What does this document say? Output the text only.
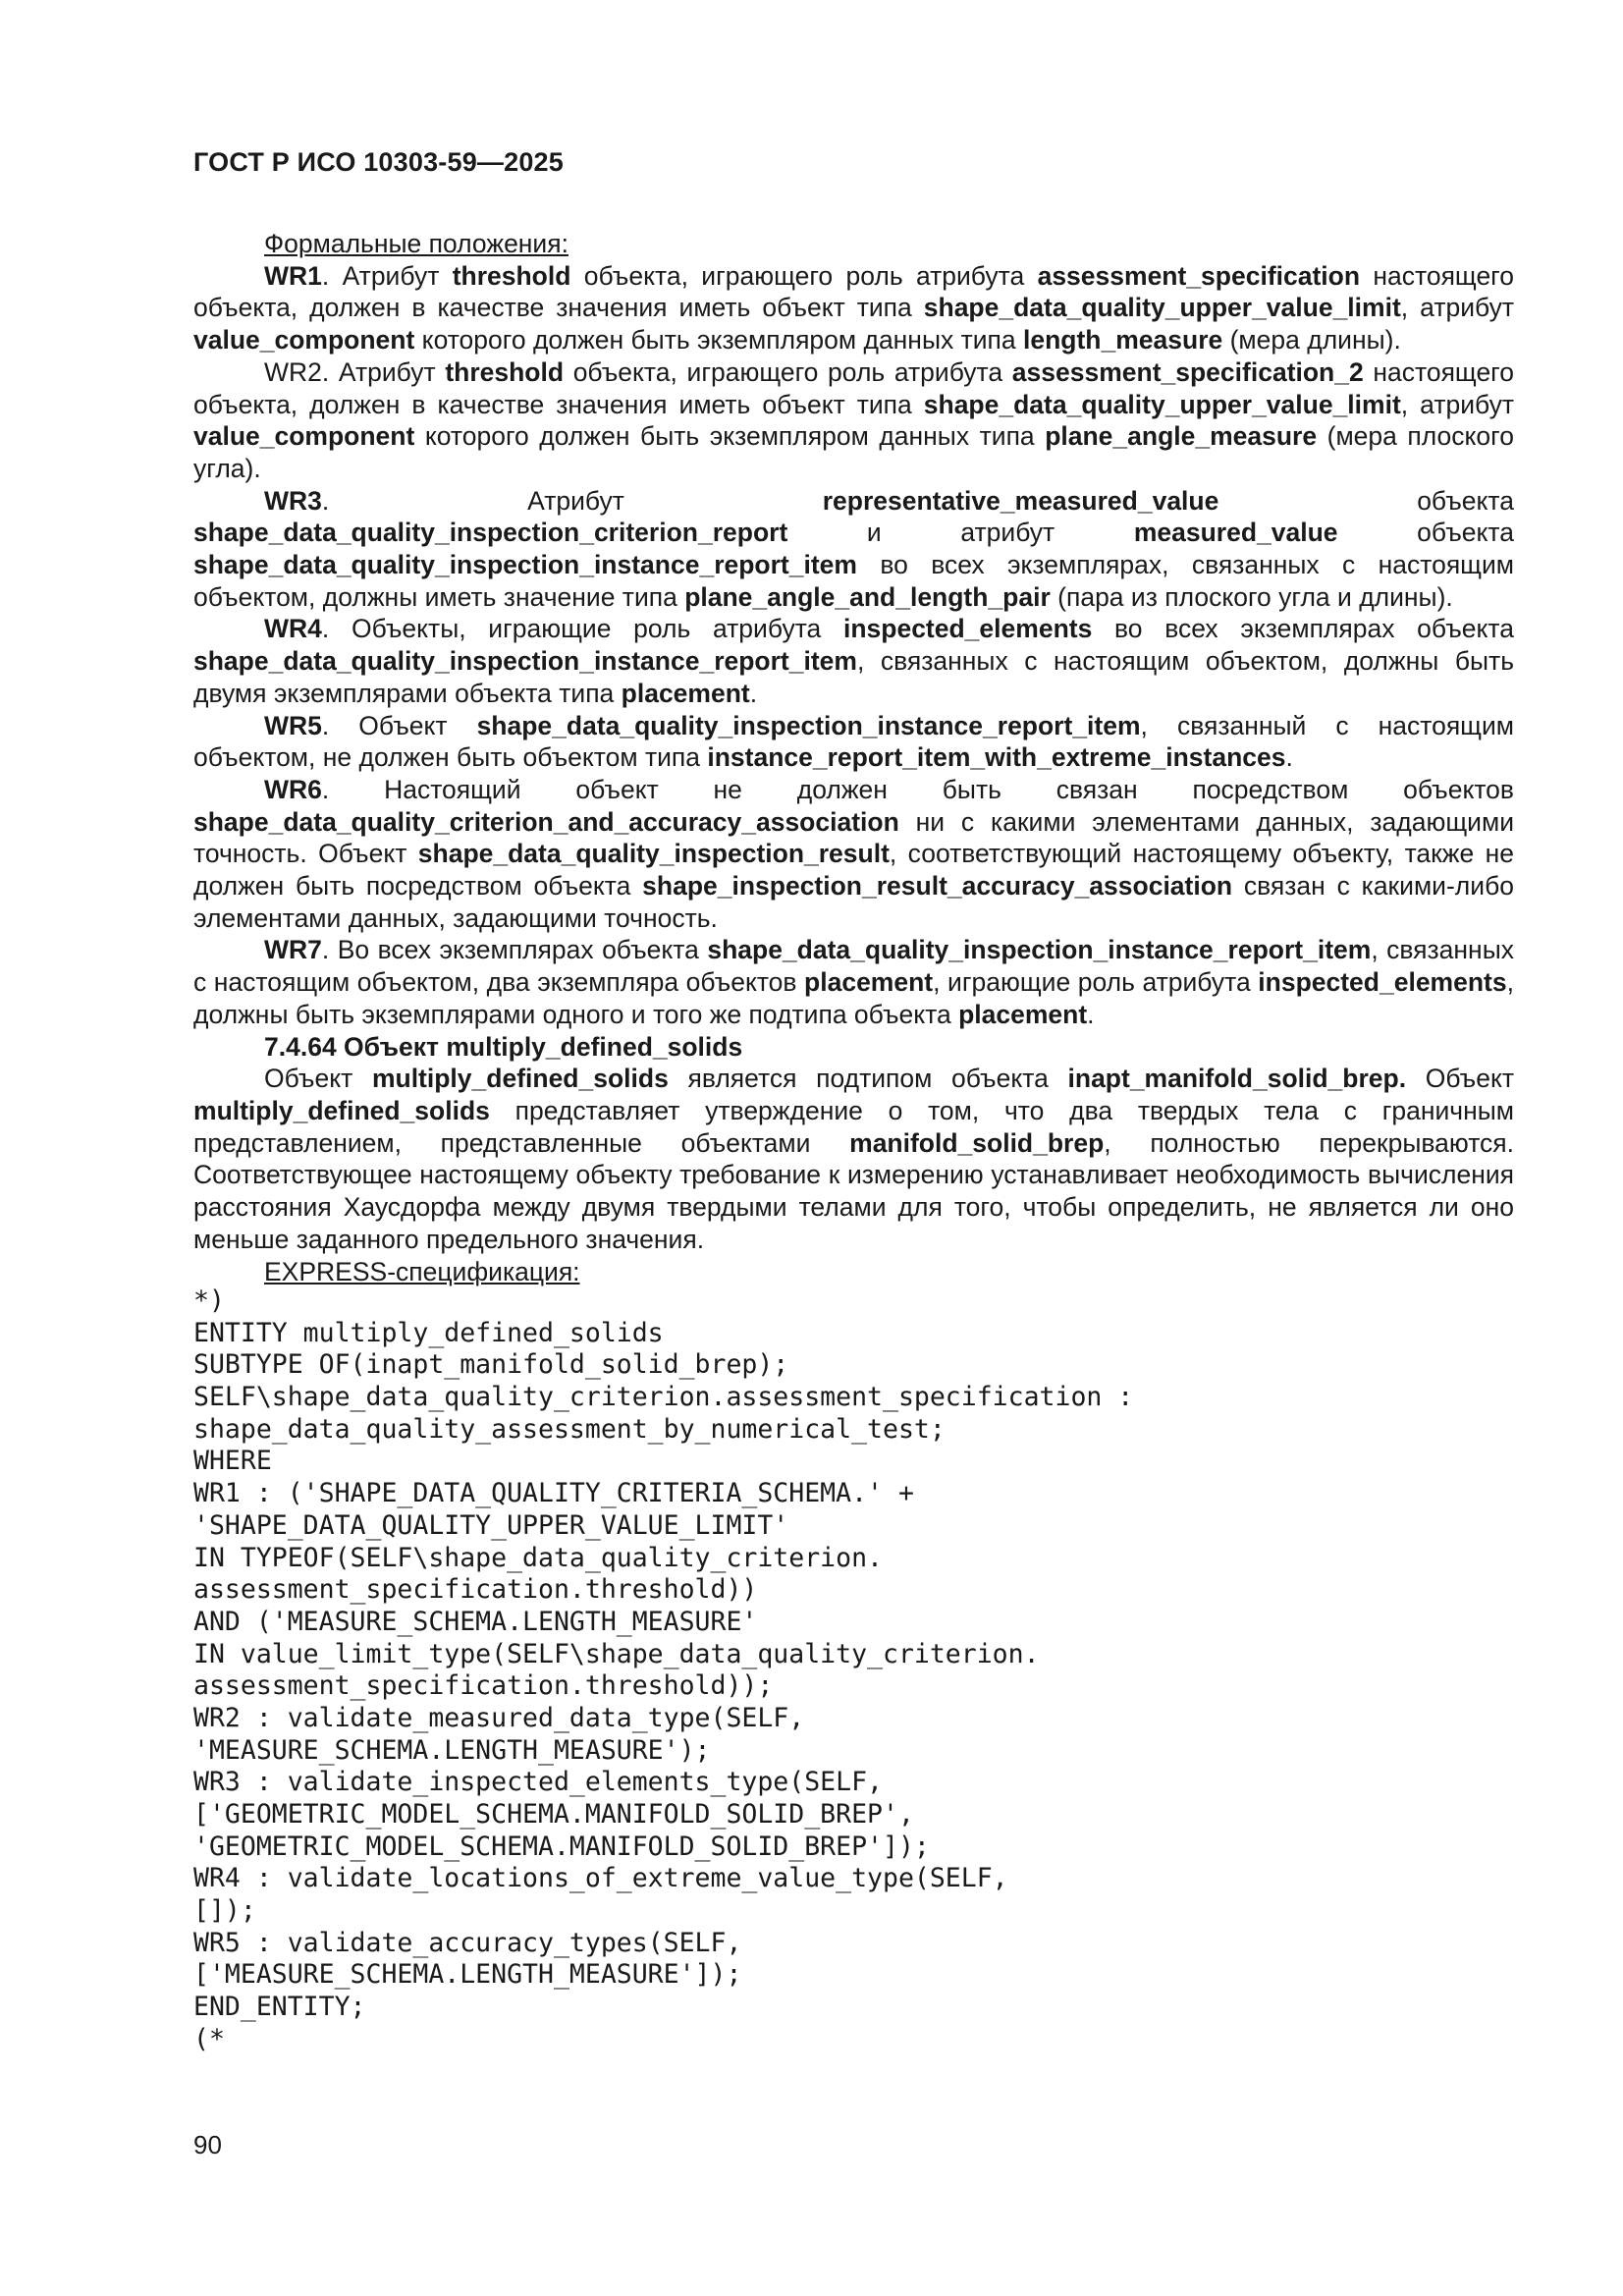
ГОСТ Р ИСО 10303-59—2025

Формальные положения:

WR1. Атрибут threshold объекта, играющего роль атрибута assessment_specification настоящего объекта, должен в качестве значения иметь объект типа shape_data_quality_upper_value_limit, атрибут value_component которого должен быть экземпляром данных типа length_measure (мера длины).

WR2. Атрибут threshold объекта, играющего роль атрибута assessment_specification_2 настоящего объекта, должен в качестве значения иметь объект типа shape_data_quality_upper_value_limit, атрибут value_component которого должен быть экземпляром данных типа plane_angle_measure (мера плоского угла).

WR3. Атрибут representative_measured_value объекта shape_data_quality_inspection_criterion_report и атрибут measured_value объекта shape_data_quality_inspection_instance_report_item во всех экземплярах, связанных с настоящим объектом, должны иметь значение типа plane_angle_and_length_pair (пара из плоского угла и длины).

WR4. Объекты, играющие роль атрибута inspected_elements во всех экземплярах объекта shape_data_quality_inspection_instance_report_item, связанных с настоящим объектом, должны быть двумя экземплярами объекта типа placement.

WR5. Объект shape_data_quality_inspection_instance_report_item, связанный с настоящим объектом, не должен быть объектом типа instance_report_item_with_extreme_instances.

WR6. Настоящий объект не должен быть связан посредством объектов shape_data_quality_criterion_and_accuracy_association ни с какими элементами данных, задающими точность. Объект shape_data_quality_inspection_result, соответствующий настоящему объекту, также не должен быть посредством объекта shape_inspection_result_accuracy_association связан с какими-либо элементами данных, задающими точность.

WR7. Во всех экземплярах объекта shape_data_quality_inspection_instance_report_item, связанных с настоящим объектом, два экземпляра объектов placement, играющие роль атрибута inspected_elements, должны быть экземплярами одного и того же подтипа объекта placement.

7.4.64 Объект multiply_defined_solids

Объект multiply_defined_solids является подтипом объекта inapt_manifold_solid_brep. Объект multiply_defined_solids представляет утверждение о том, что два твердых тела с граничным представлением, представленные объектами manifold_solid_brep, полностью перекрываются. Соответствующее настоящему объекту требование к измерению устанавливает необходимость вычисления расстояния Хаусдорфа между двумя твердыми телами для того, чтобы определить, не является ли оно меньше заданного предельного значения.

EXPRESS-спецификация:

*)
ENTITY multiply_defined_solids
SUBTYPE OF(inapt_manifold_solid_brep);
SELF\shape_data_quality_criterion.assessment_specification :
shape_data_quality_assessment_by_numerical_test;
WHERE
WR1 : ('SHAPE_DATA_QUALITY_CRITERIA_SCHEMA.' +
'SHAPE_DATA_QUALITY_UPPER_VALUE_LIMIT'
IN TYPEOF(SELF\shape_data_quality_criterion.
assessment_specification.threshold))
AND ('MEASURE_SCHEMA.LENGTH_MEASURE'
IN value_limit_type(SELF\shape_data_quality_criterion.
assessment_specification.threshold));
WR2 : validate_measured_data_type(SELF,
'MEASURE_SCHEMA.LENGTH_MEASURE');
WR3 : validate_inspected_elements_type(SELF,
['GEOMETRIC_MODEL_SCHEMA.MANIFOLD_SOLID_BREP',
'GEOMETRIC_MODEL_SCHEMA.MANIFOLD_SOLID_BREP']);
WR4 : validate_locations_of_extreme_value_type(SELF,
[]);
WR5 : validate_accuracy_types(SELF,
['MEASURE_SCHEMA.LENGTH_MEASURE']);
END_ENTITY;
(*
90
